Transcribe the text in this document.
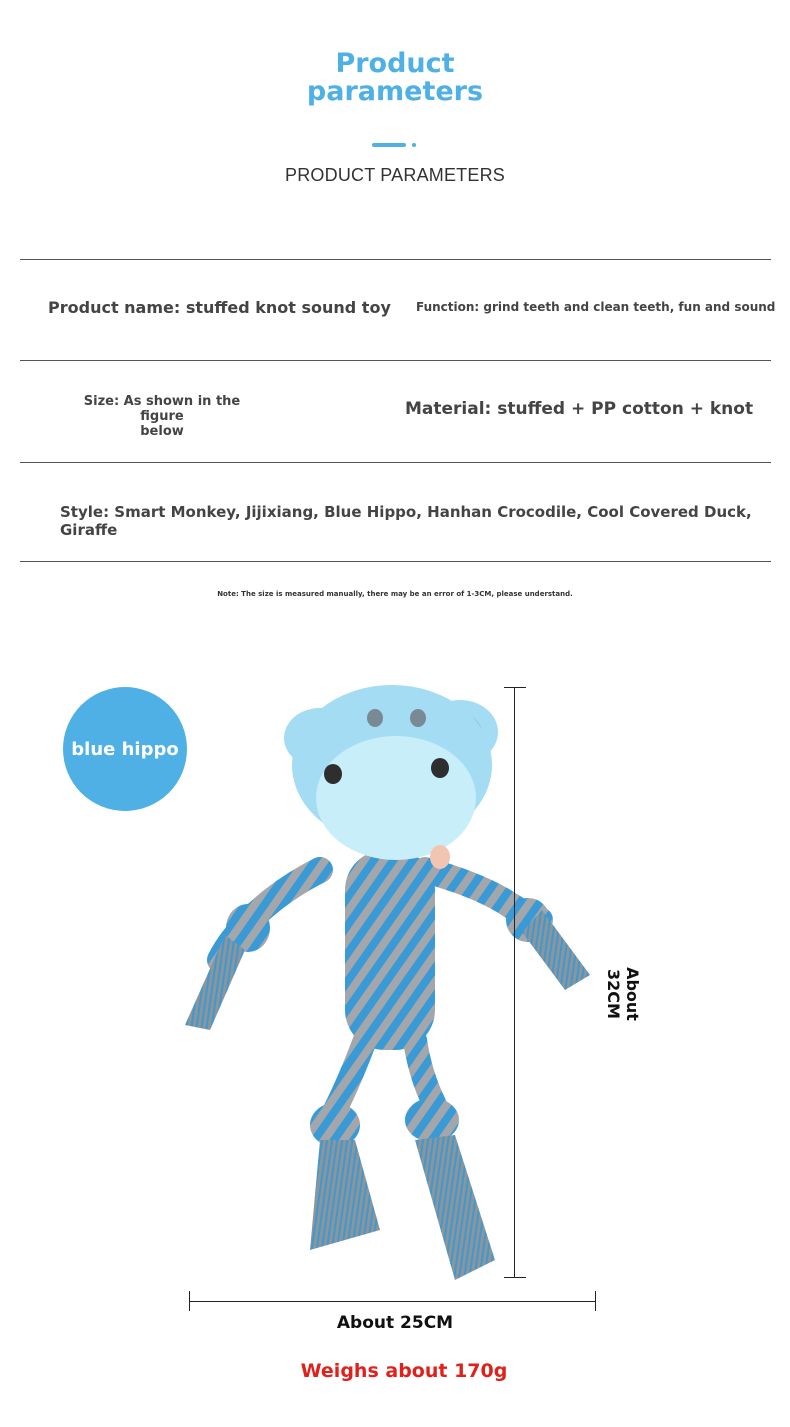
Product
parameters
PRODUCT PARAMETERS
Product name: stuffed knot sound toy Function: grind teeth and clean teeth, fun and sound
Size: As shown in the figure
below
Material: stuffed + PP cotton + knot
Style: Smart Monkey, Jijixiang, Blue Hippo, Hanhan Crocodile, Cool Covered Duck, Giraffe
Note: The size is measured manually, there may be an error of 1-3CM, please understand.
blue hippo
About 32CM
About 25CM
Weighs about 170g
